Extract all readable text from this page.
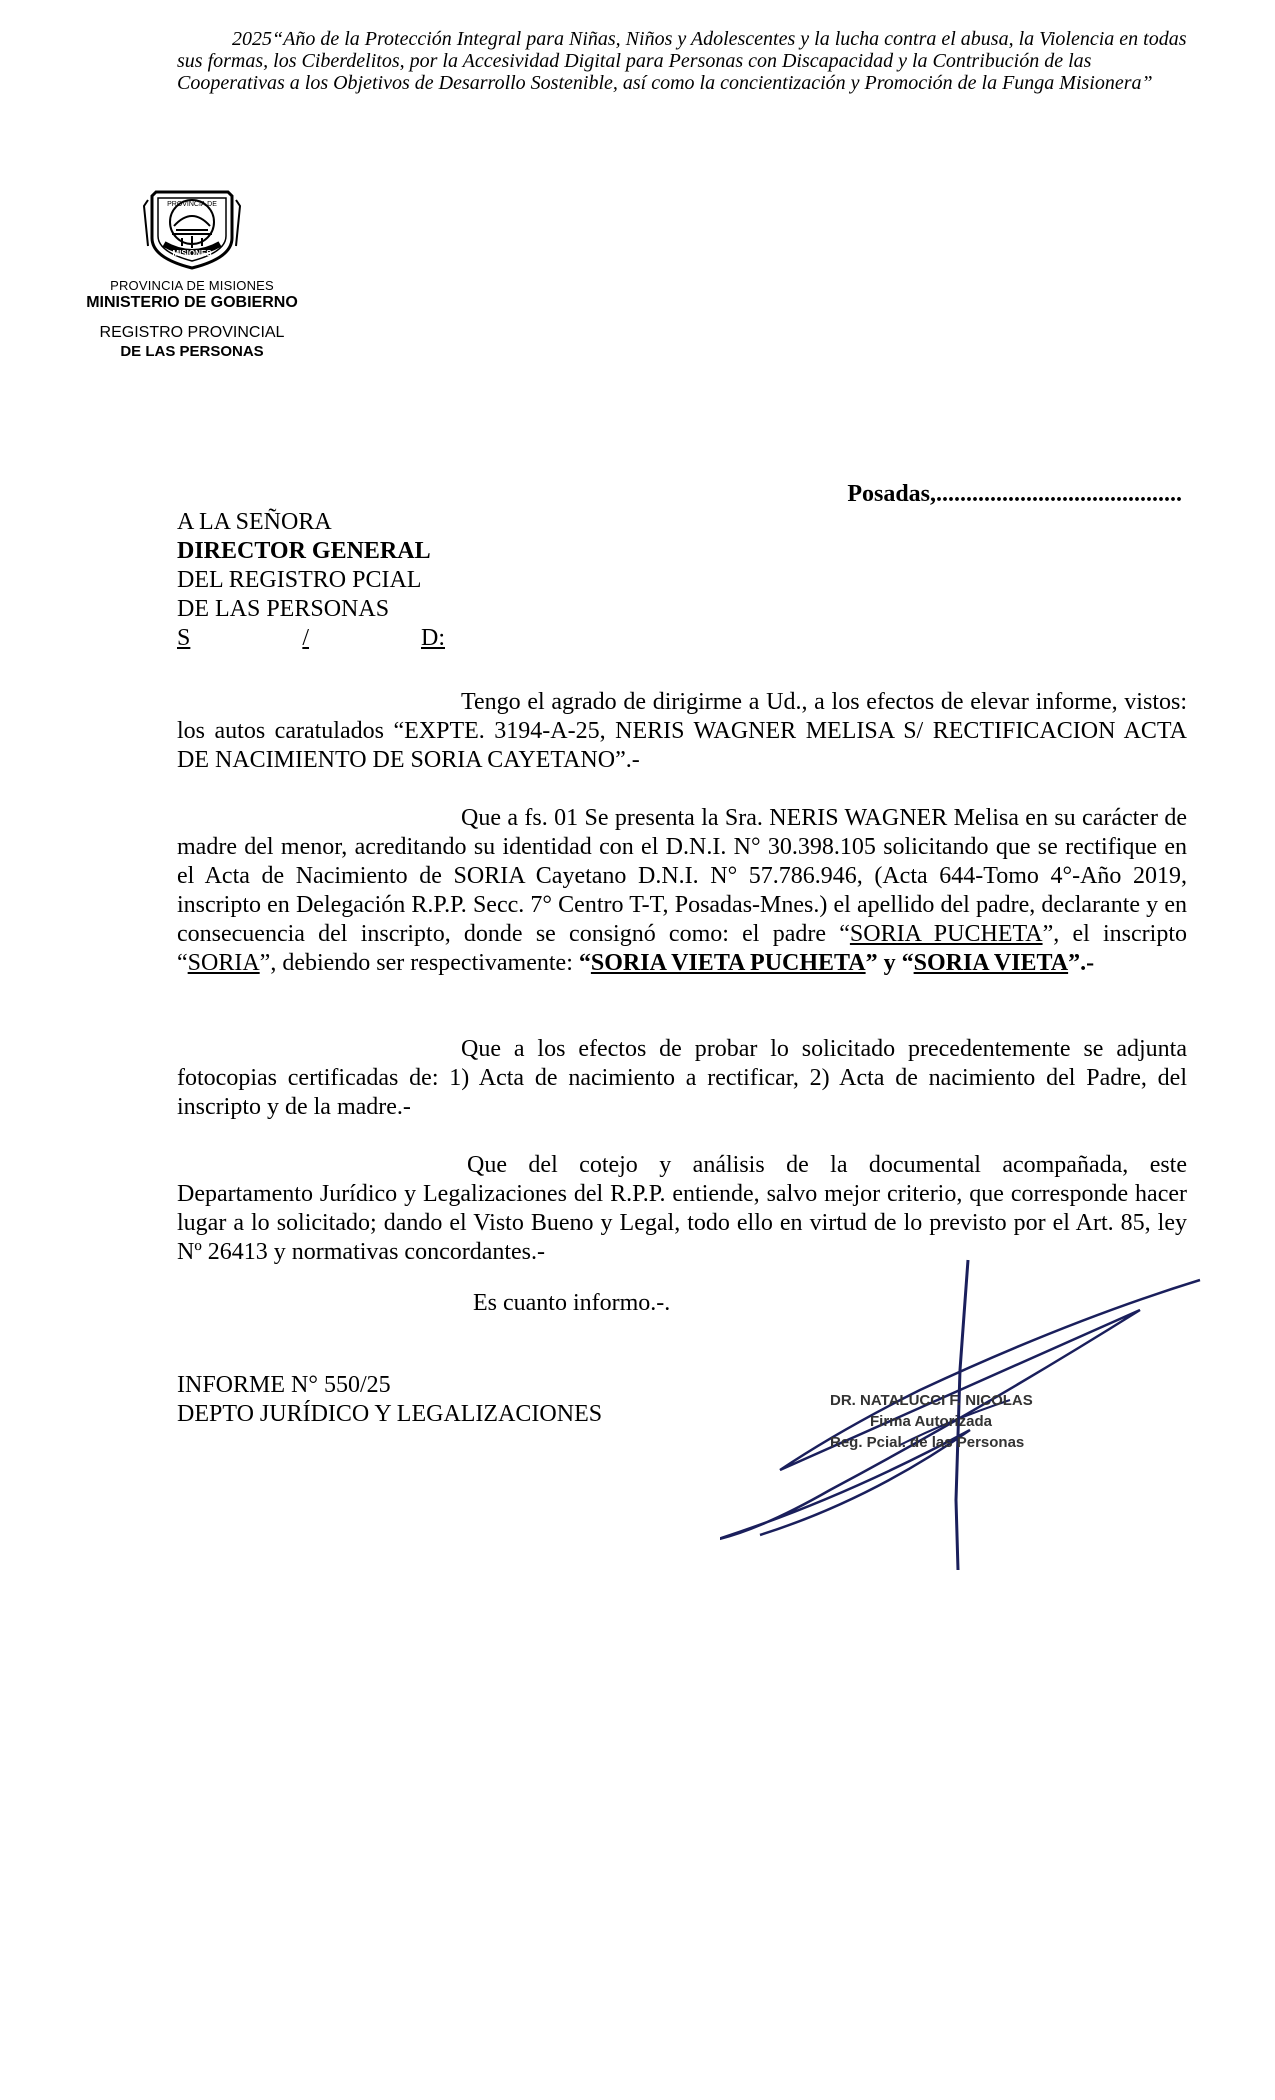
2025“Año de la Protección Integral para Niñas, Niños y Adolescentes y la lucha contra el abusa, la Violencia en todas sus formas, los Ciberdelitos, por la Accesividad Digital para Personas con Discapacidad y la Contribución de las Cooperativas a los Objetivos de Desarrollo Sostenible, así como la concientización y Promoción de la Funga Misionera”
PROVINCIA DE
MISIONES
PROVINCIA DE MISIONES
MINISTERIO DE GOBIERNO
REGISTRO PROVINCIAL
DE LAS PERSONAS
Posadas,.........................................
A LA SEÑORA
DIRECTOR GENERAL
DEL REGISTRO PCIAL
DE LAS PERSONAS
S	/	D:
Tengo el agrado de dirigirme a Ud., a los efectos de elevar informe, vistos: los autos caratulados “EXPTE. 3194-A-25, NERIS WAGNER MELISA S/ RECTIFICACION ACTA DE NACIMIENTO DE SORIA CAYETANO”.-
Que a fs. 01 Se presenta la Sra. NERIS WAGNER Melisa en su carácter de madre del menor, acreditando su identidad con el D.N.I. N° 30.398.105 solicitando que se rectifique en el Acta de Nacimiento de SORIA Cayetano D.N.I. N° 57.786.946, (Acta 644-Tomo 4°-Año 2019, inscripto en Delegación R.P.P. Secc. 7° Centro T-T, Posadas-Mnes.) el apellido del padre, declarante y en consecuencia del inscripto, donde se consignó como: el padre “SORIA PUCHETA”, el inscripto “SORIA”, debiendo ser respectivamente: “SORIA VIETA PUCHETA” y “SORIA VIETA”.-
Que a los efectos de probar lo solicitado precedentemente se adjunta fotocopias certificadas de: 1) Acta de nacimiento a rectificar, 2) Acta de nacimiento del Padre, del inscripto y de la madre.-
Que del cotejo y análisis de la documental acompañada, este Departamento Jurídico y Legalizaciones del R.P.P. entiende, salvo mejor criterio, que corresponde hacer lugar a lo solicitado; dando el Visto Bueno y Legal, todo ello en virtud de lo previsto por el Art. 85, ley Nº 26413 y normativas concordantes.-
Es cuanto informo.-.
INFORME N° 550/25
DEPTO JURÍDICO Y LEGALIZACIONES
DR. NATALUCCI F. NICOLAS
Firma Autorizada
Reg. Pcial. de las Personas
